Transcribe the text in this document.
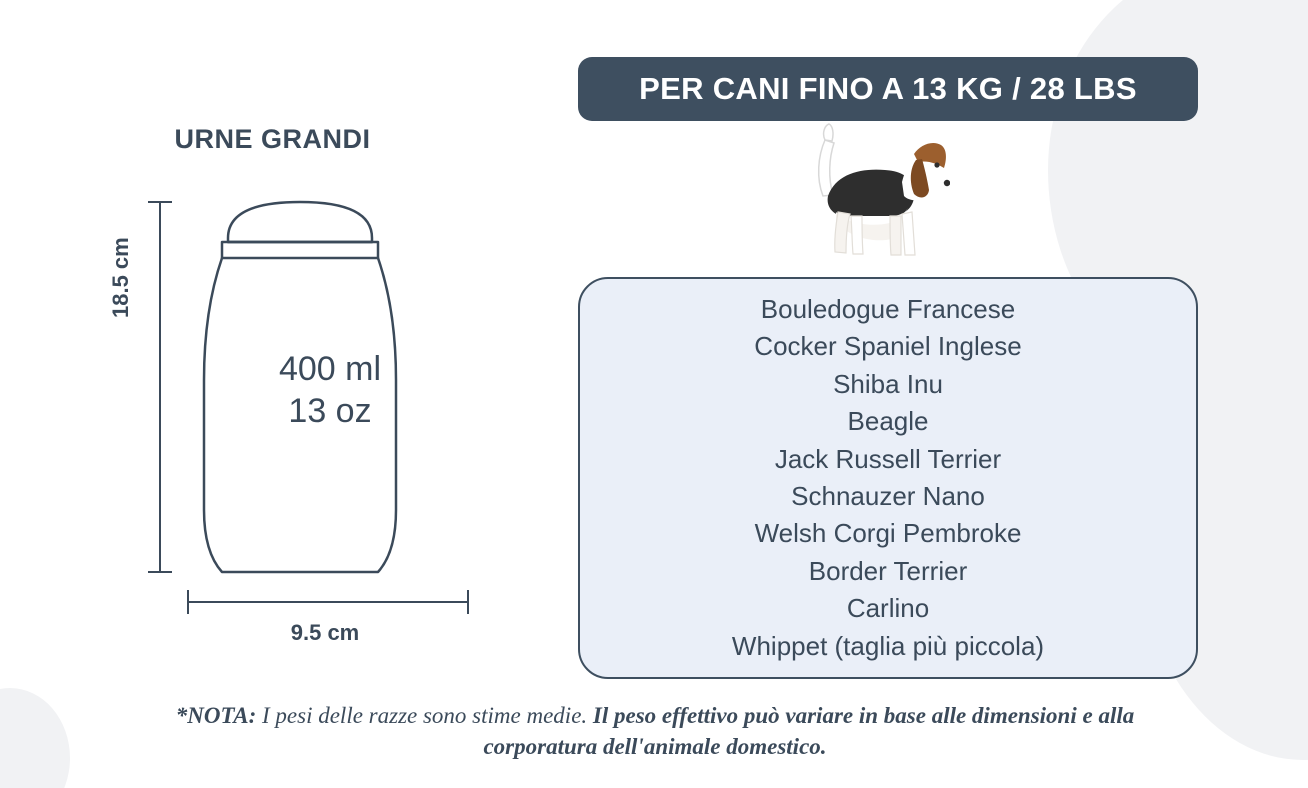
URNE GRANDI
400 ml
13 oz
18.5 cm
9.5 cm
PER CANI FINO A 13 KG / 28 LBS
Bouledogue Francese
Cocker Spaniel Inglese
Shiba Inu
Beagle
Jack Russell Terrier
Schnauzer Nano
Welsh Corgi Pembroke
Border Terrier
Carlino
Whippet (taglia più piccola)
*NOTA: I pesi delle razze sono stime medie. Il peso effettivo può variare in base alle dimensioni e alla corporatura dell'animale domestico.
